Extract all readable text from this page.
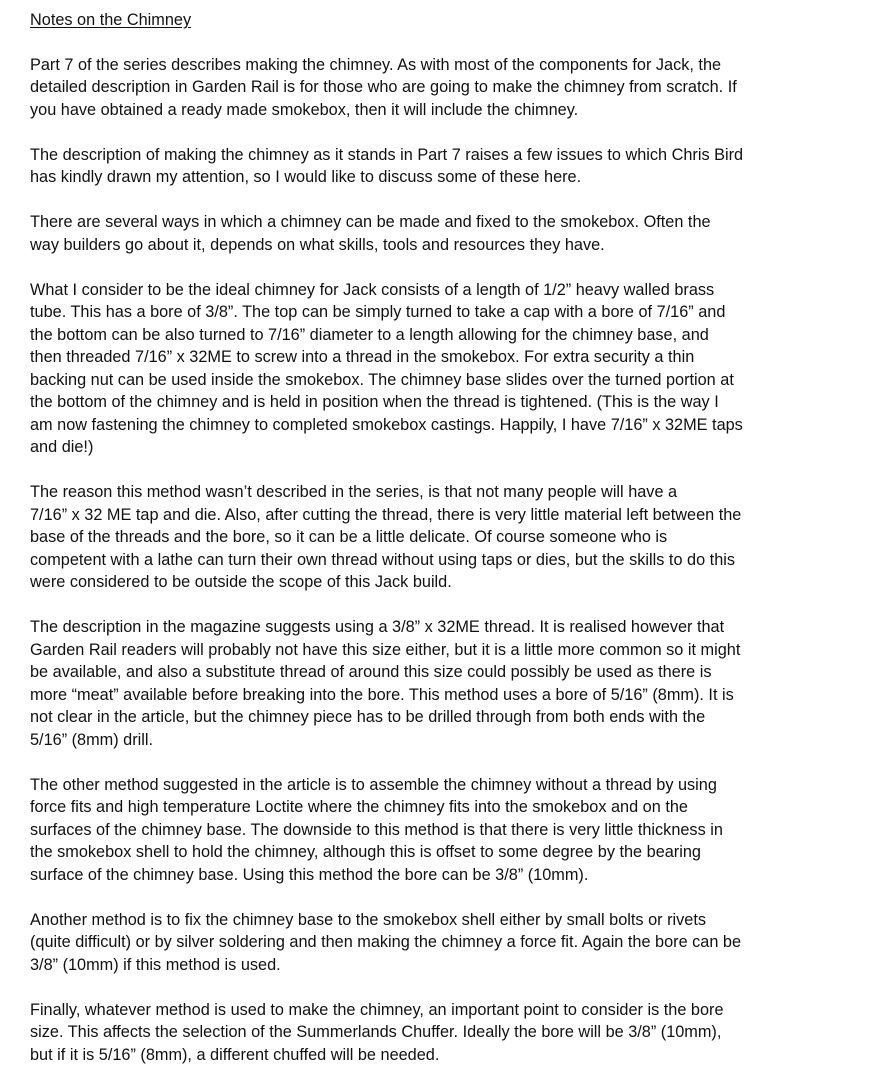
Notes on the Chimney
Part 7 of the series describes making the chimney. As with most of the components for Jack, the
detailed description in Garden Rail is for those who are going to make the chimney from scratch. If
you have obtained a ready made smokebox, then it will include the chimney.
The description of making the chimney as it stands in Part 7 raises a few issues to which Chris Bird
has kindly drawn my attention, so I would like to discuss some of these here.
There are several ways in which a chimney can be made and fixed to the smokebox. Often the
way builders go about it, depends on what skills, tools and resources they have.
What I consider to be the ideal chimney for Jack consists of a length of 1/2” heavy walled brass
tube. This has a bore of 3/8”. The top can be simply turned to take a cap with a bore of 7/16” and
the bottom can be also turned to 7/16” diameter to a length allowing for the chimney base, and
then threaded 7/16” x 32ME to screw into a thread in the smokebox. For extra security a thin
backing nut can be used inside the smokebox. The chimney base slides over the turned portion at
the bottom of the chimney and is held in position when the thread is tightened. (This is the way I
am now fastening the chimney to completed smokebox castings. Happily, I have 7/16” x 32ME taps
and die!)
The reason this method wasn’t described in the series, is that not many people will have a
7/16” x 32 ME tap and die. Also, after cutting the thread, there is very little material left between the
base of the threads and the bore, so it can be a little delicate. Of course someone who is
competent with a lathe can turn their own thread without using taps or dies, but the skills to do this
were considered to be outside the scope of this Jack build.
The description in the magazine suggests using a 3/8” x 32ME thread. It is realised however that
Garden Rail readers will probably not have this size either, but it is a little more common so it might
be available, and also a substitute thread of around this size could possibly be used as there is
more “meat” available before breaking into the bore. This method uses a bore of 5/16” (8mm). It is
not clear in the article, but the chimney piece has to be drilled through from both ends with the
5/16” (8mm) drill.
The other method suggested in the article is to assemble the chimney without a thread by using
force fits and high temperature Loctite where the chimney fits into the smokebox and on the
surfaces of the chimney base. The downside to this method is that there is very little thickness in
the smokebox shell to hold the chimney, although this is offset to some degree by the bearing
surface of the chimney base. Using this method the bore can be 3/8” (10mm).
Another method is to fix the chimney base to the smokebox shell either by small bolts or rivets
(quite difficult) or by silver soldering and then making the chimney a force fit. Again the bore can be
3/8” (10mm) if this method is used.
Finally, whatever method is used to make the chimney, an important point to consider is the bore
size. This affects the selection of the Summerlands Chuffer. Ideally the bore will be 3/8” (10mm),
but if it is 5/16” (8mm), a different chuffed will be needed.
